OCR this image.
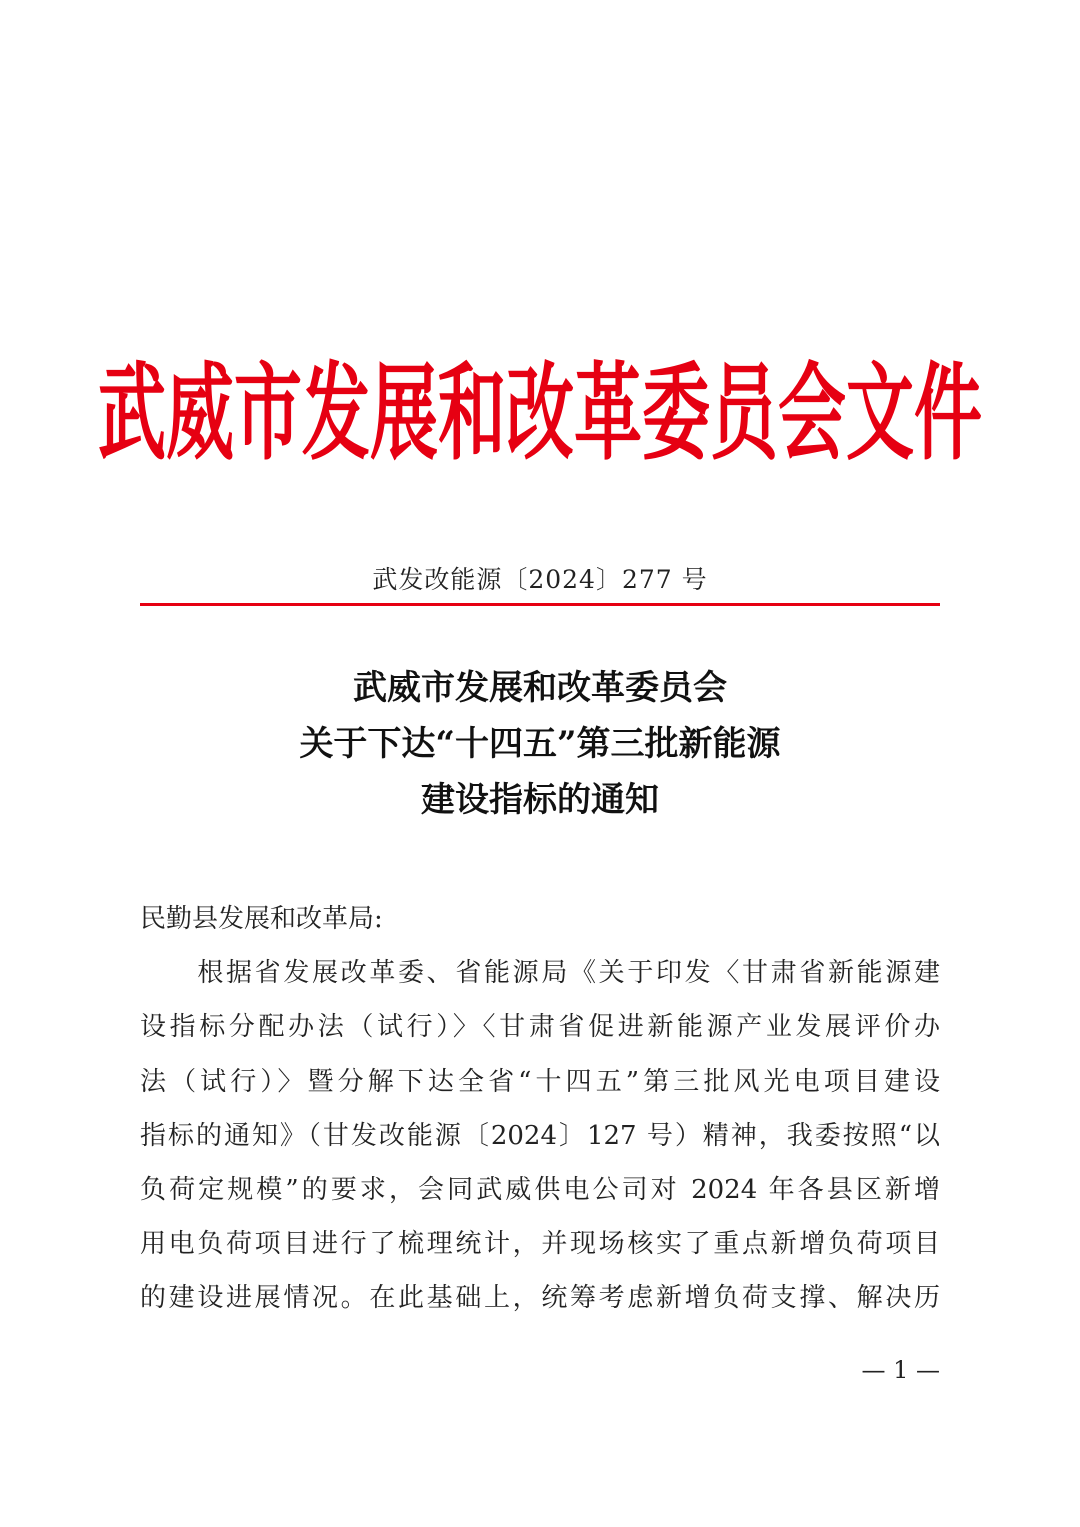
武威市发展和改革委员会文件
武发改能源〔2024〕277 号
武威市发展和改革委员会
关于下达“十四五”第三批新能源
建设指标的通知
民勤县发展和改革局:
　　根据省发展改革委、省能源局《关于印发〈甘肃省新能源建
设指标分配办法（试行）〉〈甘肃省促进新能源产业发展评价办
法（试行）〉暨分解下达全省“十四五”第三批风光电项目建设
指标的通知》（甘发改能源〔2024〕127 号）精神，我委按照“以
负荷定规模”的要求，会同武威供电公司对 2024 年各县区新增
用电负荷项目进行了梳理统计，并现场核实了重点新增负荷项目
的建设进展情况。在此基础上，统筹考虑新增负荷支撑、解决历
— 1 —
